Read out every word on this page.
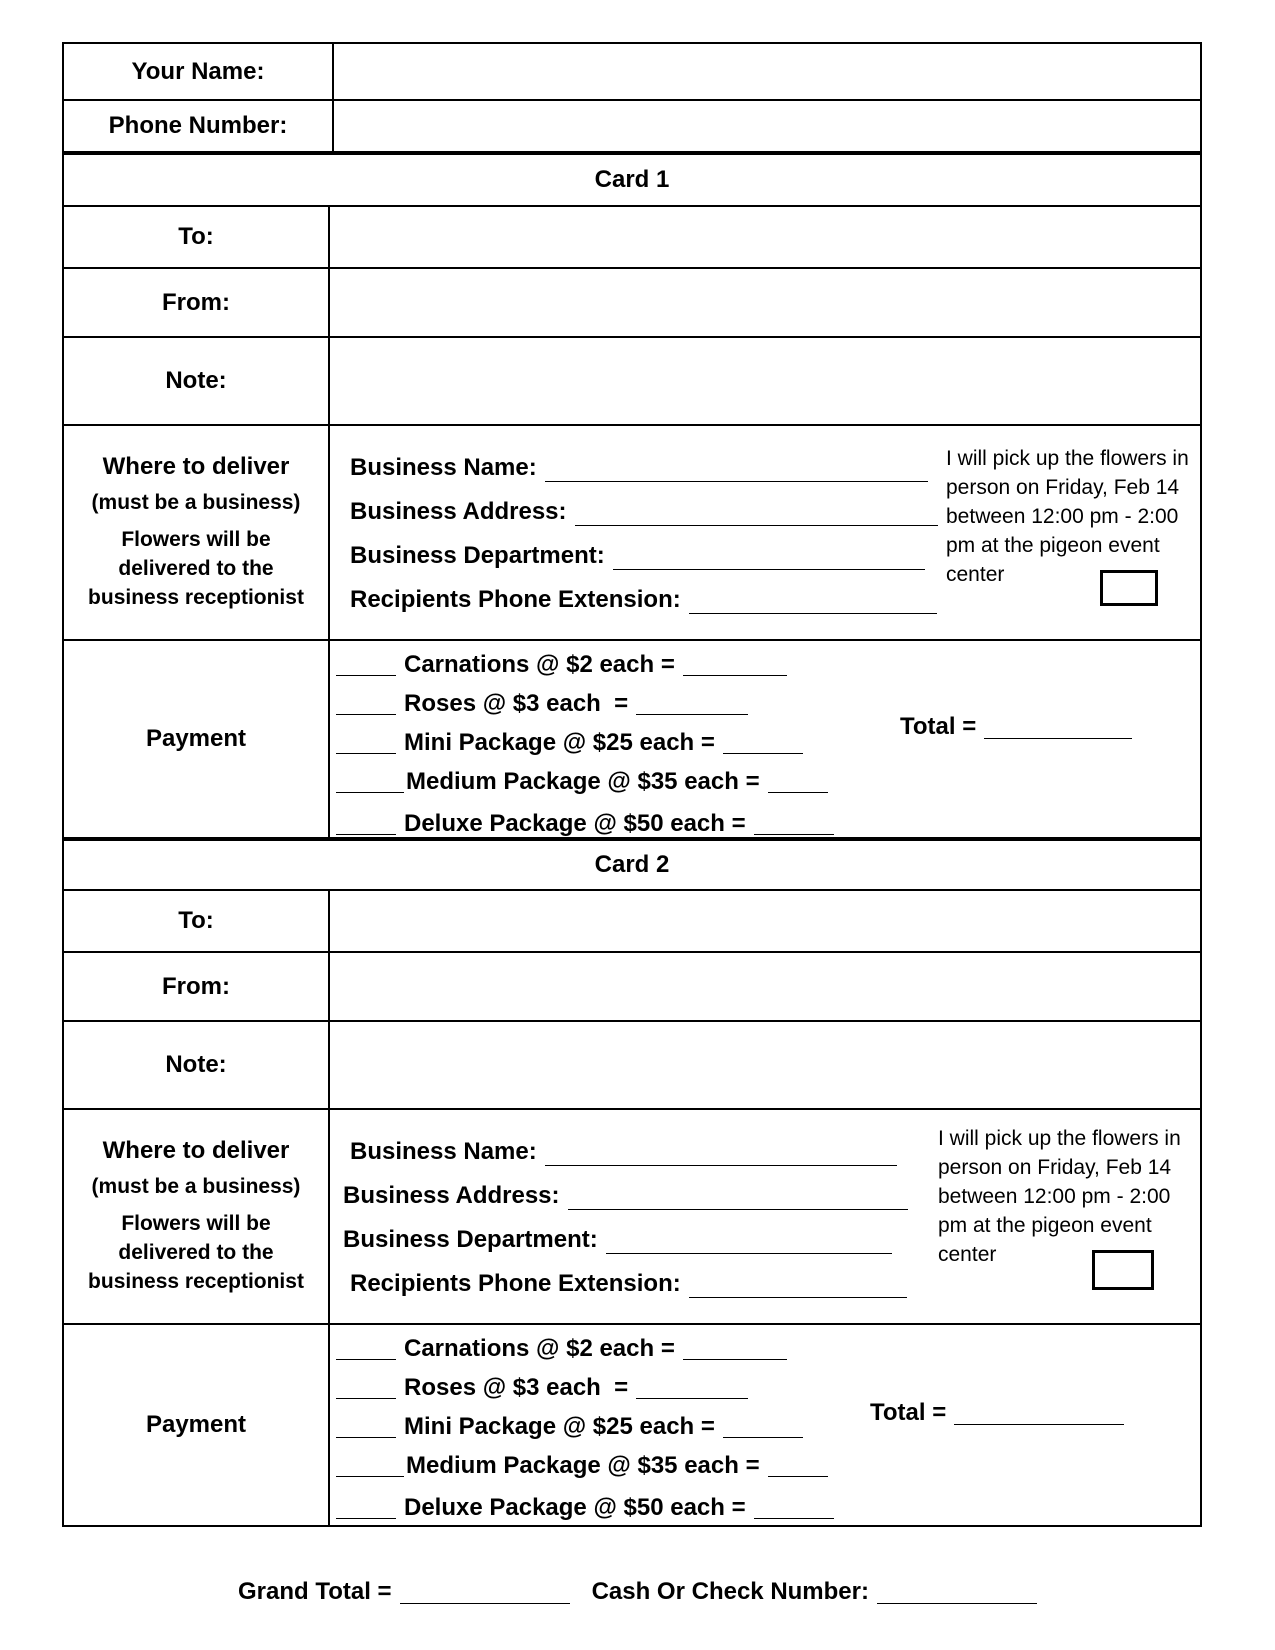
Your Name:
Phone Number:
Card 1
To:
From:
Note:
Where to deliver
(must be a business)
Flowers will be delivered to the business receptionist
Business Name:
Business Address:
Business Department:
Recipients Phone Extension:
I will pick up the flowers in person on Friday, Feb 14 between 12:00 pm - 2:00 pm at the pigeon event center
Payment
Carnations @ $2 each =
Roses @ $3 each  =
Mini Package @ $25 each =
Medium Package @ $35 each =
Deluxe Package @ $50 each =
Total =
Card 2
To:
From:
Note:
Where to deliver
(must be a business)
Flowers will be delivered to the business receptionist
Business Name:
Business Address:
Business Department:
Recipients Phone Extension:
I will pick up the flowers in person on Friday, Feb 14 between 12:00 pm - 2:00 pm at the pigeon event center
Payment
Carnations @ $2 each =
Roses @ $3 each  =
Mini Package @ $25 each =
Medium Package @ $35 each =
Deluxe Package @ $50 each =
Total =
Grand Total =	Cash Or Check Number:
